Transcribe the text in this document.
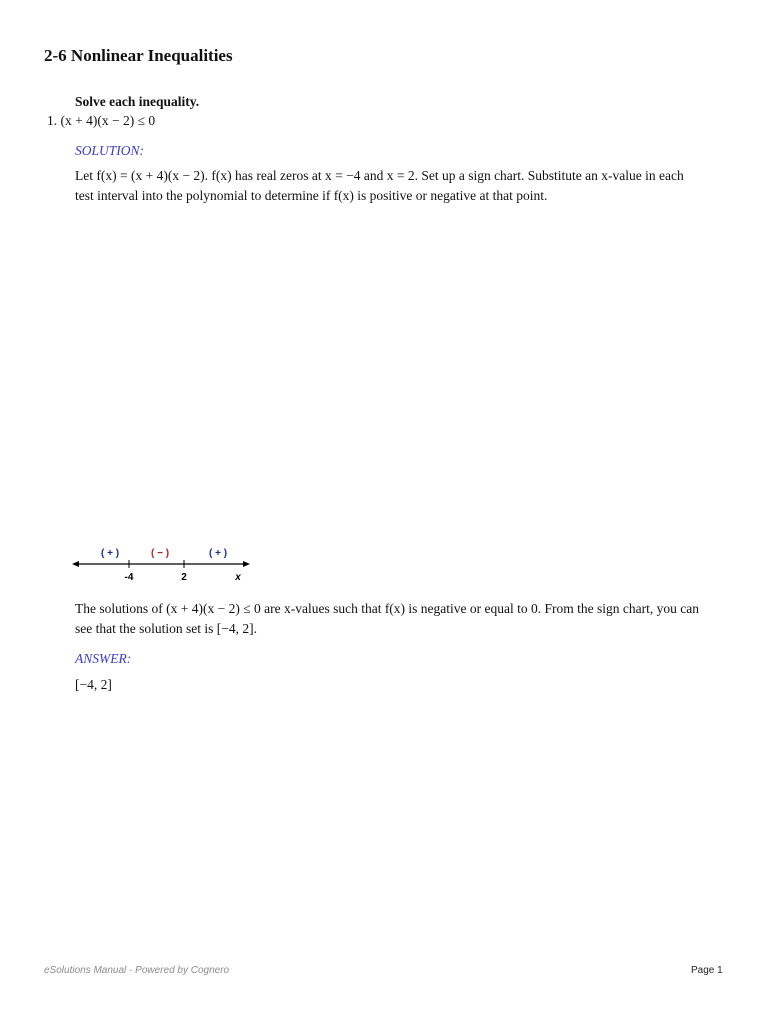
2-6 Nonlinear Inequalities
Solve each inequality.
1. (x + 4)(x − 2) ≤ 0
SOLUTION:
Let f(x) = (x + 4)(x − 2). f(x) has real zeros at x = −4 and x = 2. Set up a sign chart. Substitute an x-value in each
test interval into the polynomial to determine if f(x) is positive or negative at that point.
( + )	( − )	( + )
-4	2	x
The solutions of (x + 4)(x − 2) ≤ 0 are x-values such that f(x) is negative or equal to 0. From the sign chart, you can
see that the solution set is [−4, 2].
ANSWER:
[−4, 2]
eSolutions Manual - Powered by Cognero	Page 1
